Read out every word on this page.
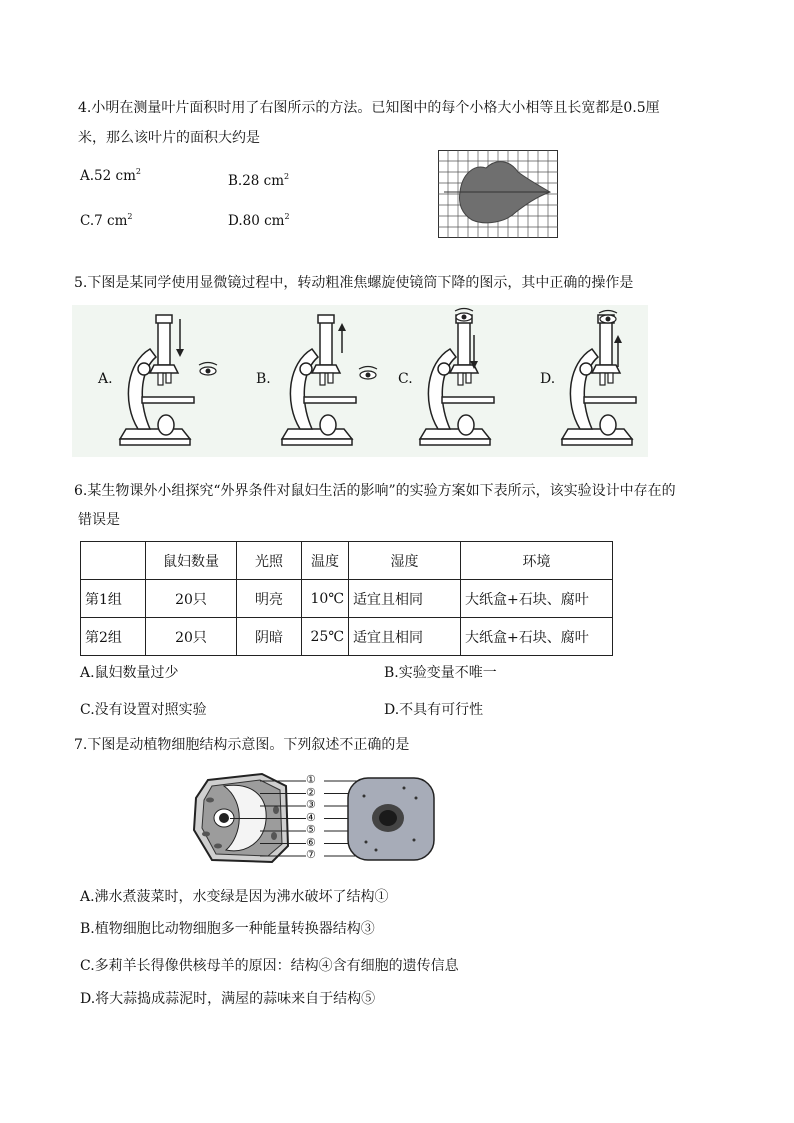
4.小明在测量叶片面积时用了右图所示的方法。已知图中的每个小格大小相等且长宽都是0.5厘
米，那么该叶片的面积大约是
A.52 $cm^2$
B.28 $cm^2$
C.7 $cm^2$	D.80 $cm^2$
5.下图是某同学使用显微镜过程中，转动粗准焦螺旋使镜筒下降的图示，其中正确的操作是
A.	B.	C.	D.
6.某生物课外小组探究“外界条件对鼠妇生活的影响”的实验方案如下表所示，该实验设计中存在的
错误是
	鼠妇数量	光照	温度	湿度	环境
第1组	20只	明亮	10℃	适宜且相同	大纸盒+石块、腐叶
第2组	20只	阴暗	25℃	适宜且相同	大纸盒+石块、腐叶
A.鼠妇数量过少	B.实验变量不唯一
C.没有设置对照实验	D.不具有可行性
7.下图是动植物细胞结构示意图。下列叙述不正确的是
①
②
③
④
⑤
⑥
⑦
A.沸水煮菠菜时，水变绿是因为沸水破坏了结构①
B.植物细胞比动物细胞多一种能量转换器结构③
C.多莉羊长得像供核母羊的原因：结构④含有细胞的遗传信息
D.将大蒜捣成蒜泥时，满屋的蒜味来自于结构⑤
